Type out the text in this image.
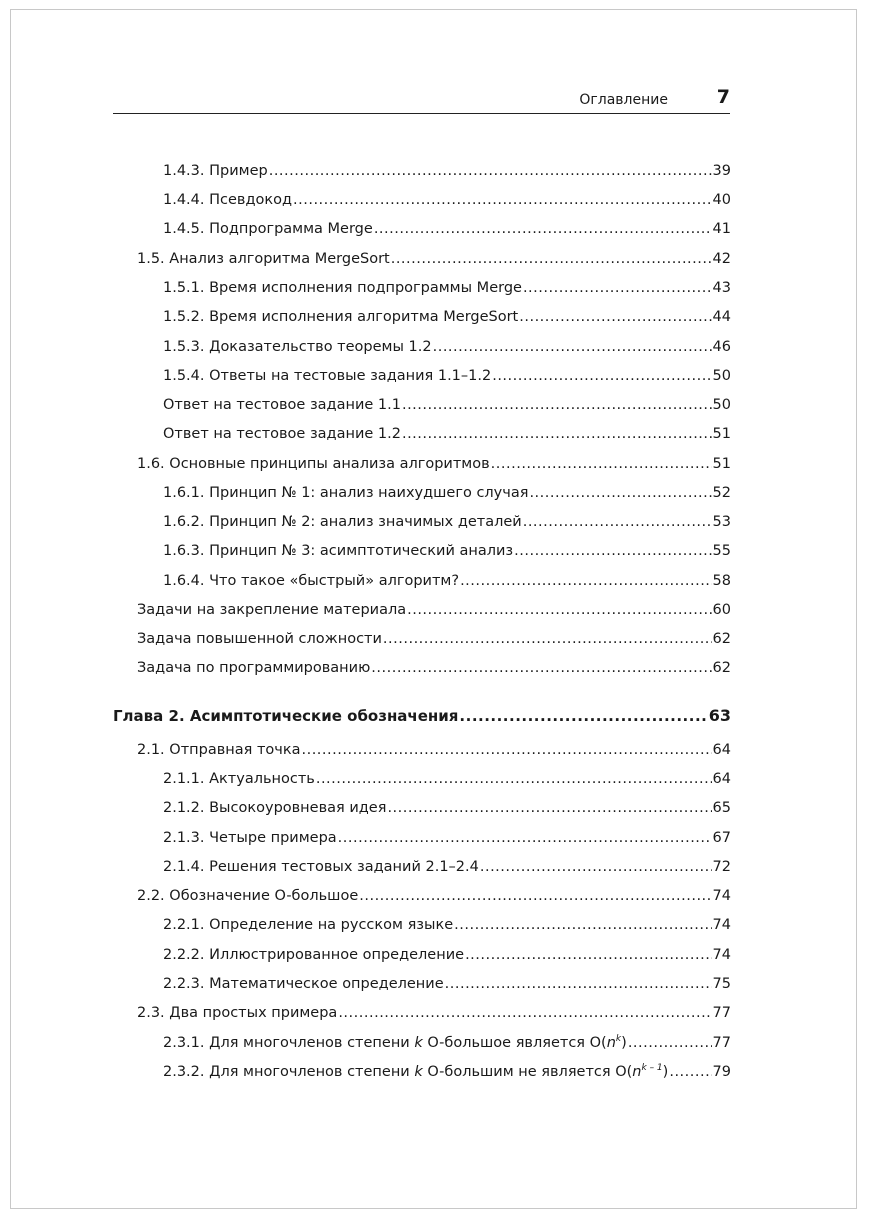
Оглавление	7
1.4.3. Пример .....	39
1.4.4. Псевдокод .....	40
1.4.5. Подпрограмма Merge .....	41
1.5. Анализ алгоритма MergeSort .....	42
1.5.1. Время исполнения подпрограммы Merge .....	43
1.5.2. Время исполнения алгоритма MergeSort .....	44
1.5.3. Доказательство теоремы 1.2 .....	46
1.5.4. Ответы на тестовые задания 1.1–1.2 .....	50
Ответ на тестовое задание 1.1 .....	50
Ответ на тестовое задание 1.2 .....	51
1.6. Основные принципы анализа алгоритмов .....	51
1.6.1. Принцип № 1: анализ наихудшего случая .....	52
1.6.2. Принцип № 2: анализ значимых деталей .....	53
1.6.3. Принцип № 3: асимптотический анализ .....	55
1.6.4. Что такое «быстрый» алгоритм? .....	58
Задачи на закрепление материала .....	60
Задача повышенной сложности .....	62
Задача по программированию .....	62
Глава 2. Асимптотические обозначения .....	63
2.1. Отправная точка .....	64
2.1.1. Актуальность .....	64
2.1.2. Высокоуровневая идея .....	65
2.1.3. Четыре примера .....	67
2.1.4. Решения тестовых заданий 2.1–2.4 .....	72
2.2. Обозначение O-большое .....	74
2.2.1. Определение на русском языке .....	74
2.2.2. Иллюстрированное определение .....	74
2.2.3. Математическое определение .....	75
2.3. Два простых примера .....	77
2.3.1. Для многочленов степени k O-большое является $O(n^k)$ .....	77
2.3.2. Для многочленов степени k O-большим не является $O(n^{k - 1})$ .....	79
